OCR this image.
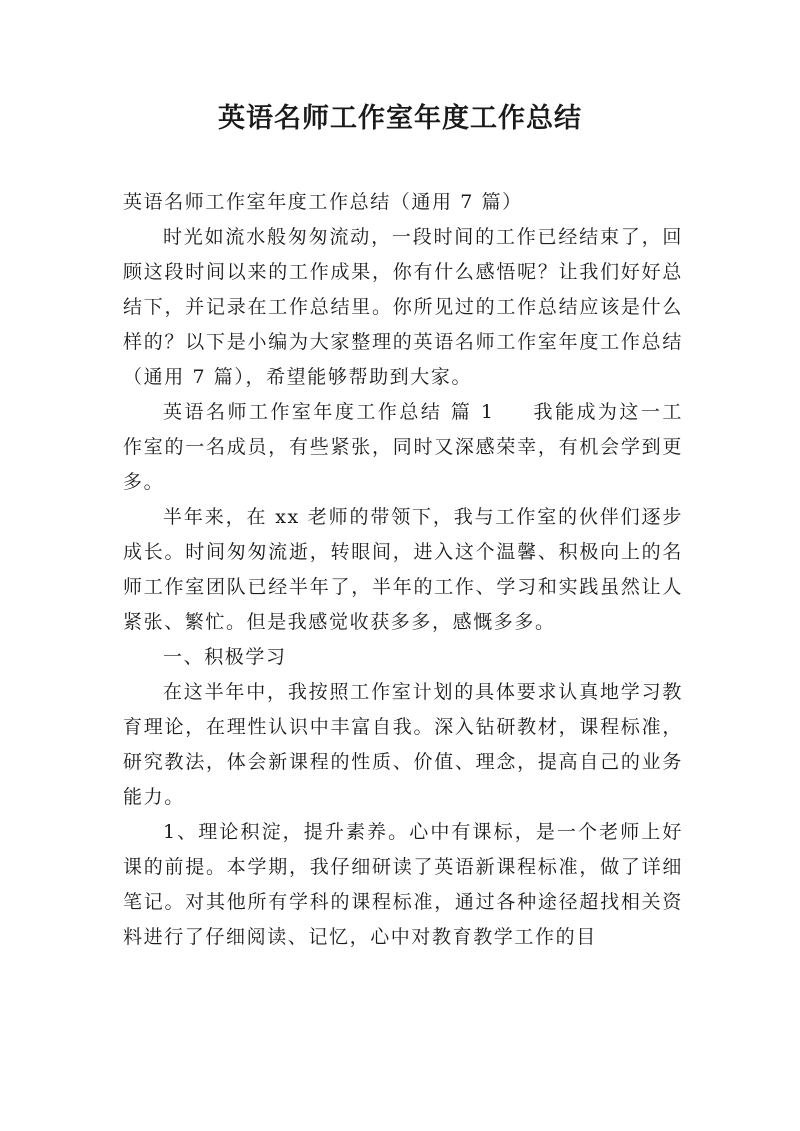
英语名师工作室年度工作总结

英语名师工作室年度工作总结（通用 7 篇）

时光如流水般匆匆流动，一段时间的工作已经结束了，回顾这段时间以来的工作成果，你有什么感悟呢？让我们好好总结下，并记录在工作总结里。你所见过的工作总结应该是什么样的？以下是小编为大家整理的英语名师工作室年度工作总结（通用 7 篇），希望能够帮助到大家。

英语名师工作室年度工作总结 篇 1 我能成为这一工作室的一名成员，有些紧张，同时又深感荣幸，有机会学到更多。

半年来，在 xx 老师的带领下，我与工作室的伙伴们逐步成长。时间匆匆流逝，转眼间，进入这个温馨、积极向上的名师工作室团队已经半年了，半年的工作、学习和实践虽然让人紧张、繁忙。但是我感觉收获多多，感慨多多。

一、积极学习

在这半年中，我按照工作室计划的具体要求认真地学习教育理论，在理性认识中丰富自我。深入钻研教材，课程标准，研究教法，体会新课程的性质、价值、理念，提高自己的业务能力。

1、理论积淀，提升素养。心中有课标，是一个老师上好课的前提。本学期，我仔细研读了英语新课程标准，做了详细笔记。对其他所有学科的课程标准，通过各种途径超找相关资料进行了仔细阅读、记忆，心中对教育教学工作的目
